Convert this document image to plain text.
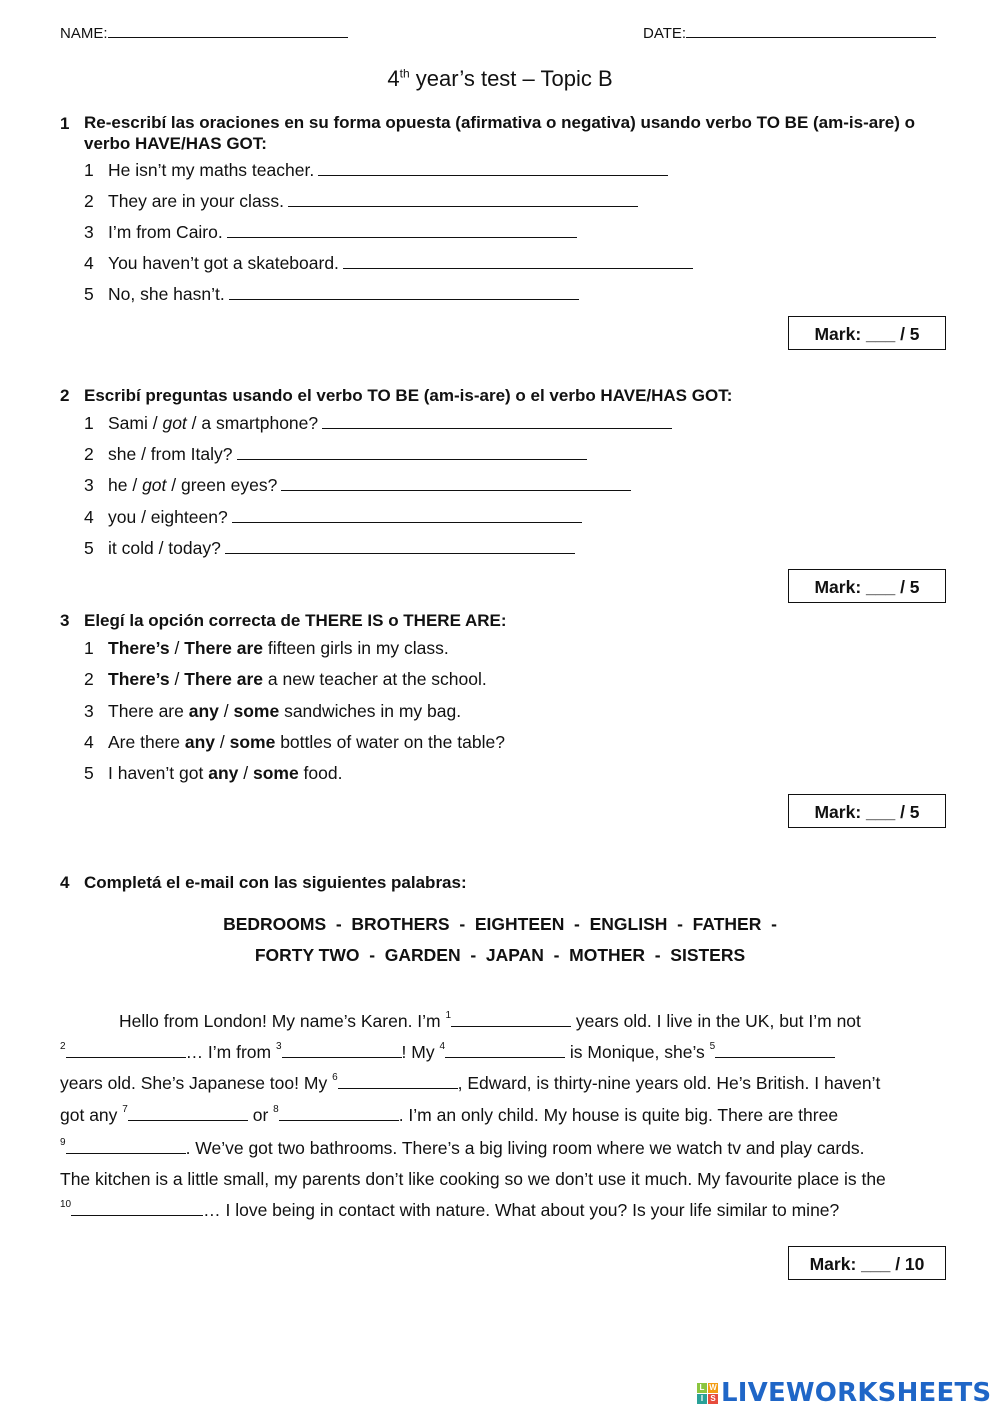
NAME:	DATE:
4th year’s test – Topic B
1 Re-escribí las oraciones en su forma opuesta (afirmativa o negativa) usando verbo TO BE (am-is-are) o verbo HAVE/HAS GOT:
1 He isn’t my maths teacher.
2 They are in your class.
3 I’m from Cairo.
4 You haven’t got a skateboard.
5 No, she hasn’t.
Mark: ___ / 5
2 Escribí preguntas usando el verbo TO BE (am-is-are) o el verbo HAVE/HAS GOT:
1 Sami / got / a smartphone?
2 she / from Italy?
3 he / got / green eyes?
4 you / eighteen?
5 it cold / today?
Mark: ___ / 5
3 Elegí la opción correcta de THERE IS o THERE ARE:
1 There’s / There are fifteen girls in my class.
2 There’s / There are a new teacher at the school.
3 There are any / some sandwiches in my bag.
4 Are there any / some bottles of water on the table?
5 I haven’t got any / some food.
Mark: ___ / 5
4 Completá el e-mail con las siguientes palabras:
BEDROOMS  -  BROTHERS  -  EIGHTEEN  -  ENGLISH  -  FATHER  -
FORTY TWO  -  GARDEN  -  JAPAN  -  MOTHER  -  SISTERS
Hello from London! My name’s Karen. I’m $^1$	years old. I live in the UK, but I’m not
$^2$	… I’m from $^3$	! My $^4$	is Monique, she’s $^5$
years old. She’s Japanese too! My $^6$	, Edward, is thirty-nine years old. He’s British. I haven’t
got any $^7$	or $^8$	. I’m an only child. My house is quite big. There are three
$^9$	. We’ve got two bathrooms. There’s a big living room where we watch tv and play cards.
The kitchen is a little small, my parents don’t like cooking so we don’t use it much. My favourite place is the
$^{10}$	… I love being in contact with nature. What about you? Is your life similar to mine?
Mark: ___ / 10
L W
I S LIVEWORKSHEETS
